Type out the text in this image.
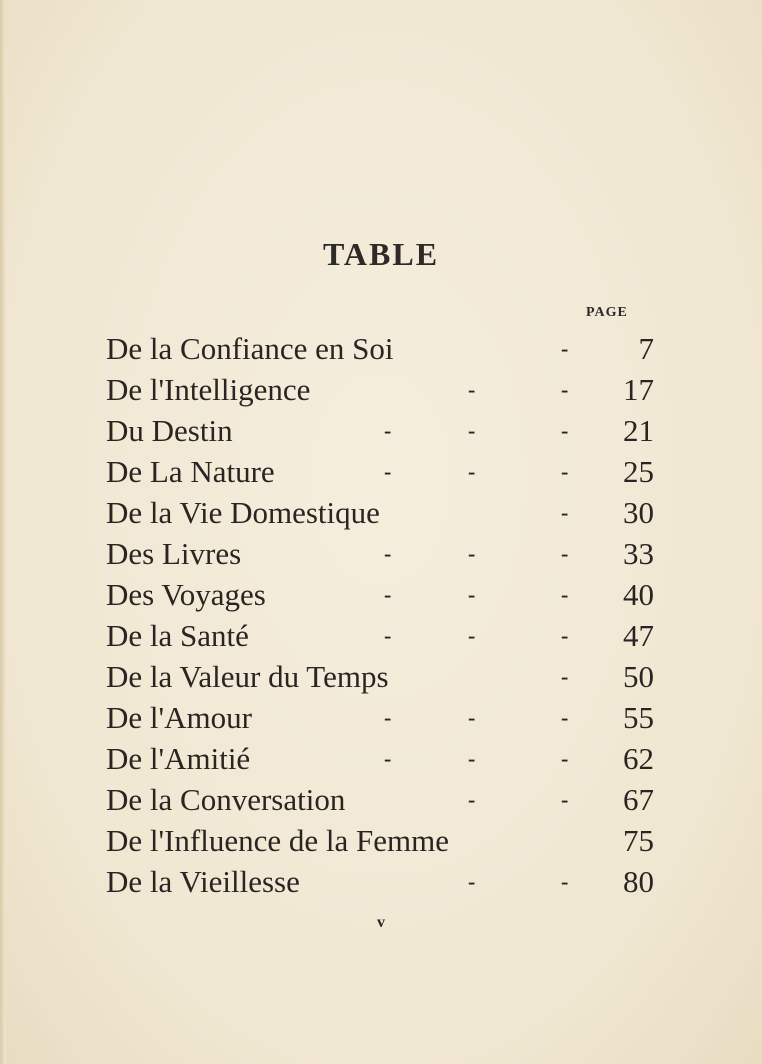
TABLE
PAGE
De la Confiance en Soi	- 7
De l'Intelligence	-	- 17
Du Destin	-	-	- 21
De La Nature	-	-	- 25
De la Vie Domestique	- 30
Des Livres	-	-	- 33
Des Voyages	-	-	- 40
De la Santé	-	-	- 47
De la Valeur du Temps	- 50
De l'Amour	-	-	- 55
De l'Amitié	-	-	- 62
De la Conversation	-	- 67
De l'Influence de la Femme	75
De la Vieillesse	-	- 80
v
